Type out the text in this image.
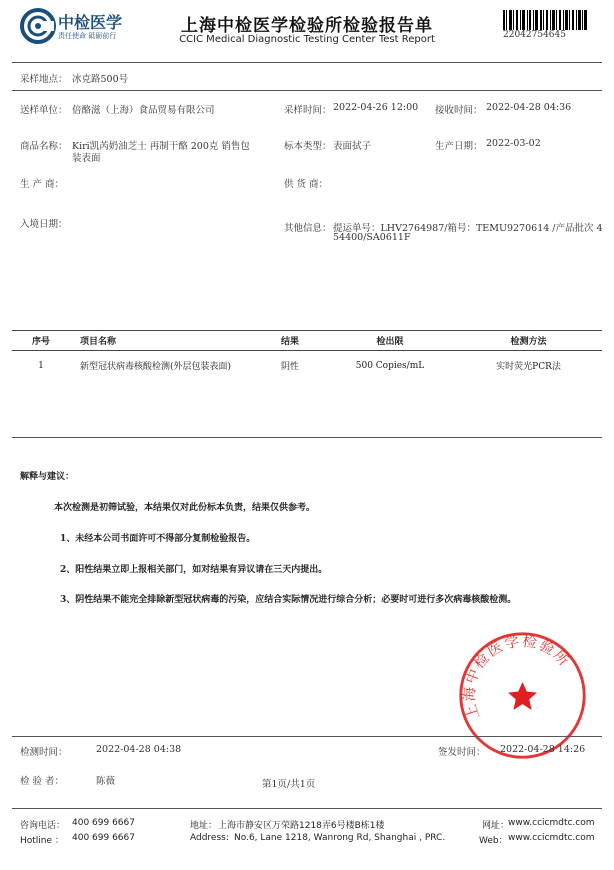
中检医学
责任使命 砥砺前行	上海中检医学检验所检验报告单
CCIC Medical Diagnostic Testing Center Test Report	22042754645
采样地点： 冰克路500号
送样单位： 倍酪滋（上海）食品贸易有限公司	采样时间： 2022-04-26 12:00 接收时间： 2022-04-28 04:36
商品名称： Kiri凯芮奶油芝士 再制干酪 200克 销售包
装表面
标本类型： 表面拭子	生产日期： 2022-03-02
生 产 商：	供 货 商：
入境日期：	其他信息： 提运单号：LHV2764987/箱号：TEMU9270614 /产品批次 4
54400/SA0611F
序号	项目名称	结果	检出限	检测方法
1	新型冠状病毒核酸检测(外层包装表面)	阴性	500 Copies/mL	实时荧光PCR法
解释与建议：
本次检测是初筛试验，本结果仅对此份标本负责，结果仅供参考。
1、未经本公司书面许可不得部分复制检验报告。
2、阳性结果立即上报相关部门，如对结果有异议请在三天内提出。
3、阴性结果不能完全排除新型冠状病毒的污染，应结合实际情况进行综合分析；必要时可进行多次病毒核酸检测。
上海中检医学检验所
检测时间：	2022-04-28 04:38	签发时间： 2022-04-28 14:26
检 验 者：	陈薇	第1页/共1页
咨询电话： 400 699 6667
Hotline ： 400 699 6667
地址： 上海市静安区万荣路1218弄6号楼B栋1楼
Address: No.6, Lane 1218, Wanrong Rd, Shanghai , PRC.
网址：
www.ccicmdtc.com
Web： www.ccicmdtc.com
